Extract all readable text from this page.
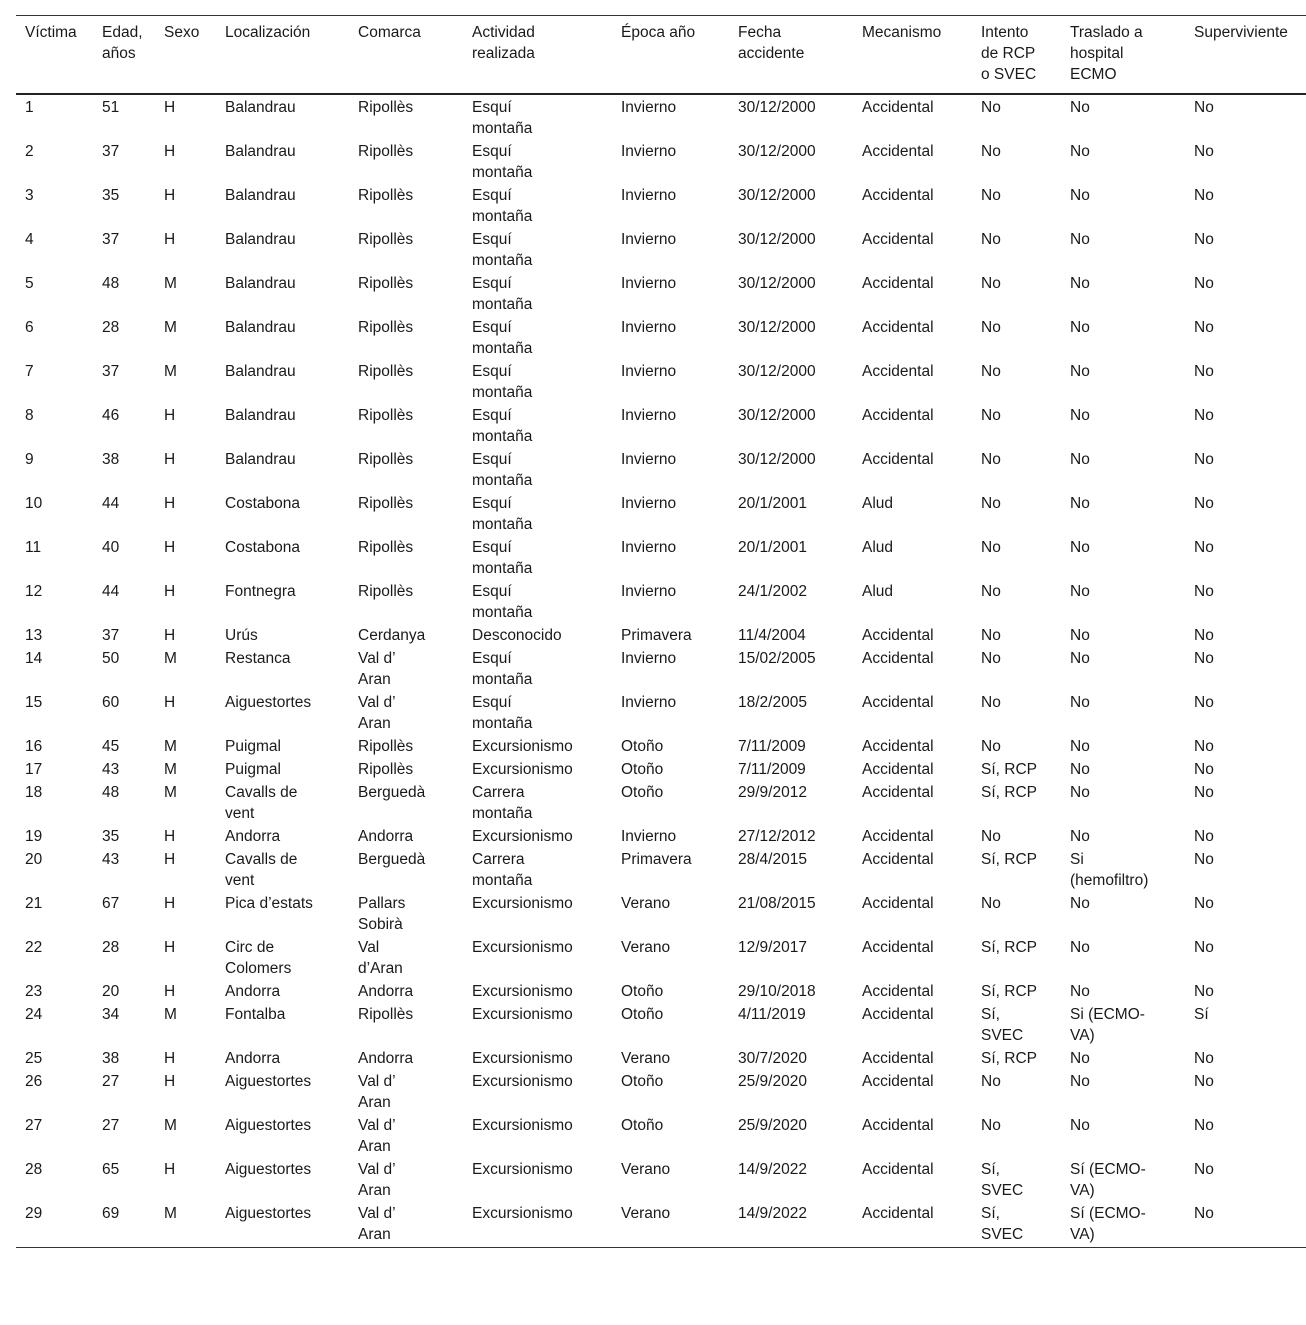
Víctima	Edad, años	Sexo	Localización	Comarca	Actividad realizada	Época año	Fecha accidente	Mecanismo	Intento de RCP o SVEC	Traslado a hospital ECMO	Superviviente
1	51	H	Balandrau	Ripollès	Esquí montaña	Invierno	30/12/2000	Accidental	No	No	No
2	37	H	Balandrau	Ripollès	Esquí montaña	Invierno	30/12/2000	Accidental	No	No	No
3	35	H	Balandrau	Ripollès	Esquí montaña	Invierno	30/12/2000	Accidental	No	No	No
4	37	H	Balandrau	Ripollès	Esquí montaña	Invierno	30/12/2000	Accidental	No	No	No
5	48	M	Balandrau	Ripollès	Esquí montaña	Invierno	30/12/2000	Accidental	No	No	No
6	28	M	Balandrau	Ripollès	Esquí montaña	Invierno	30/12/2000	Accidental	No	No	No
7	37	M	Balandrau	Ripollès	Esquí montaña	Invierno	30/12/2000	Accidental	No	No	No
8	46	H	Balandrau	Ripollès	Esquí montaña	Invierno	30/12/2000	Accidental	No	No	No
9	38	H	Balandrau	Ripollès	Esquí montaña	Invierno	30/12/2000	Accidental	No	No	No
10	44	H	Costabona	Ripollès	Esquí montaña	Invierno	20/1/2001	Alud	No	No	No
11	40	H	Costabona	Ripollès	Esquí montaña	Invierno	20/1/2001	Alud	No	No	No
12	44	H	Fontnegra	Ripollès	Esquí montaña	Invierno	24/1/2002	Alud	No	No	No
13	37	H	Urús	Cerdanya	Desconocido	Primavera	11/4/2004	Accidental	No	No	No
14	50	M	Restanca	Val d’ Aran	Esquí montaña	Invierno	15/02/2005	Accidental	No	No	No
15	60	H	Aiguestortes	Val d’ Aran	Esquí montaña	Invierno	18/2/2005	Accidental	No	No	No
16	45	M	Puigmal	Ripollès	Excursionismo	Otoño	7/11/2009	Accidental	No	No	No
17	43	M	Puigmal	Ripollès	Excursionismo	Otoño	7/11/2009	Accidental	Sí, RCP	No	No
18	48	M	Cavalls de vent	Berguedà	Carrera montaña	Otoño	29/9/2012	Accidental	Sí, RCP	No	No
19	35	H	Andorra	Andorra	Excursionismo	Invierno	27/12/2012	Accidental	No	No	No
20	43	H	Cavalls de vent	Berguedà	Carrera montaña	Primavera	28/4/2015	Accidental	Sí, RCP	Si (hemofiltro)	No
21	67	H	Pica d’estats	Pallars Sobirà	Excursionismo	Verano	21/08/2015	Accidental	No	No	No
22	28	H	Circ de Colomers	Val d’Aran	Excursionismo	Verano	12/9/2017	Accidental	Sí, RCP	No	No
23	20	H	Andorra	Andorra	Excursionismo	Otoño	29/10/2018	Accidental	Sí, RCP	No	No
24	34	M	Fontalba	Ripollès	Excursionismo	Otoño	4/11/2019	Accidental	Sí, SVEC	Si (ECMO-VA)	Sí
25	38	H	Andorra	Andorra	Excursionismo	Verano	30/7/2020	Accidental	Sí, RCP	No	No
26	27	H	Aiguestortes	Val d’ Aran	Excursionismo	Otoño	25/9/2020	Accidental	No	No	No
27	27	M	Aiguestortes	Val d’ Aran	Excursionismo	Otoño	25/9/2020	Accidental	No	No	No
28	65	H	Aiguestortes	Val d’ Aran	Excursionismo	Verano	14/9/2022	Accidental	Sí, SVEC	Sí (ECMO-VA)	No
29	69	M	Aiguestortes	Val d’ Aran	Excursionismo	Verano	14/9/2022	Accidental	Sí, SVEC	Sí (ECMO-VA)	No
